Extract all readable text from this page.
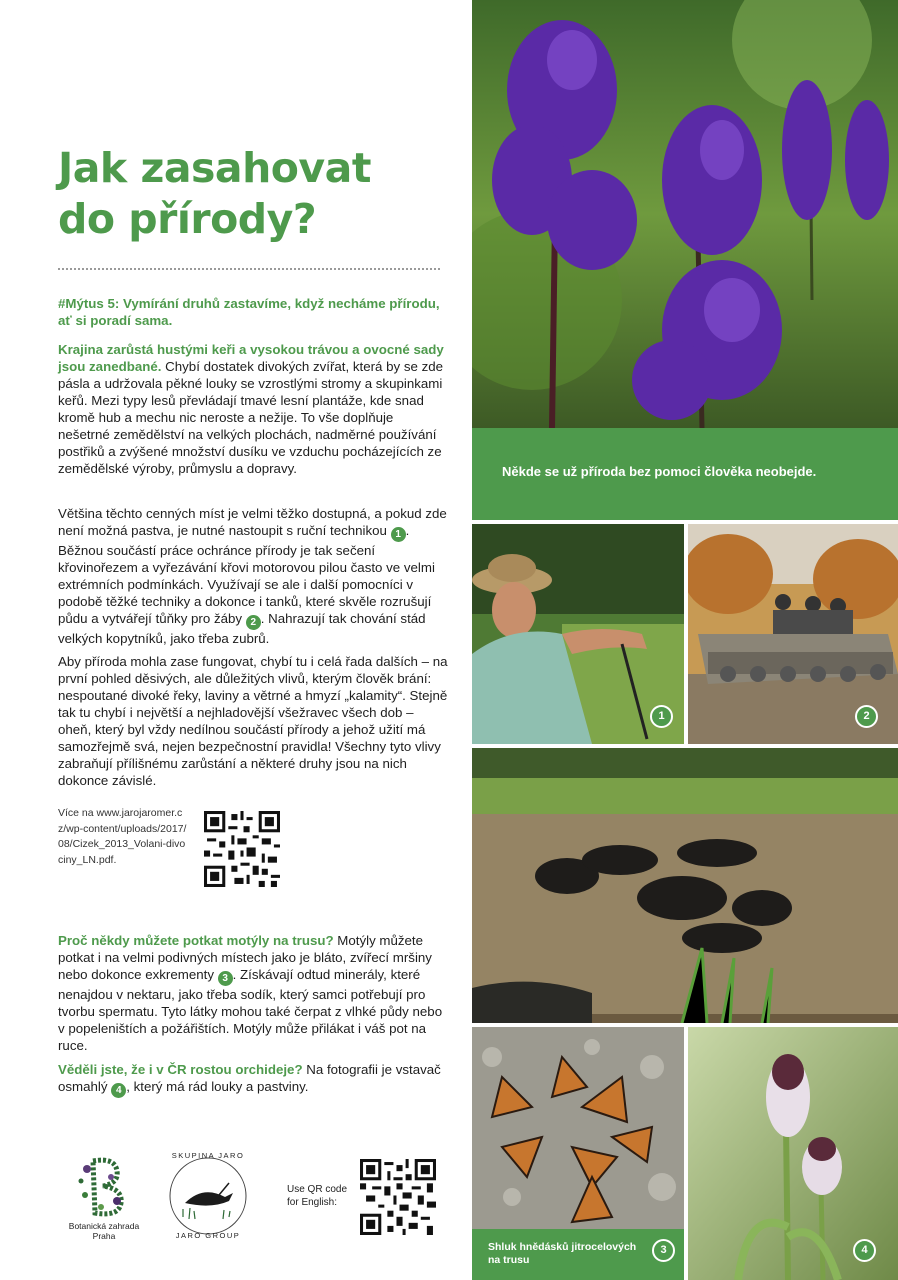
Jak zasahovat
do přírody?

#Mýtus 5: Vymírání druhů zastavíme, když necháme přírodu, ať si poradí sama.

Krajina zarůstá hustými keři a vysokou trávou a ovocné sady jsou zanedbané. Chybí dostatek divokých zvířat, která by se zde pásla a udržovala pěkné louky se vzrostlými stromy a skupinkami keřů. Mezi typy lesů převládají tmavé lesní plantáže, kde snad kromě hub a mechu nic neroste a nežije. To vše doplňuje nešetrné zemědělství na velkých plochách, nadměrné používání postřiků a zvýšené množství dusíku ve vzduchu pocházejících ze zemědělské výroby, průmyslu a dopravy.

Většina těchto cenných míst je velmi těžko dostupná, a pokud zde není možná pastva, je nutné nastoupit s ruční technikou 1 . Běžnou součástí práce ochránce přírody je tak sečení křovinořezem a vyřezávání křovi motorovou pilou často ve velmi extrémních podmínkách. Využívají se ale i další pomocníci v podobě těžké techniky a dokonce i tanků, které skvěle rozrušují půdu a vytvářejí tůňky pro žáby 2 . Nahrazují tak chování stád velkých kopytníků, jako třeba zubrů.

Aby příroda mohla zase fungovat, chybí tu i celá řada dalších – na první pohled děsivých, ale důležitých vlivů, kterým člověk brání: nespoutané divoké řeky, laviny a větrné a hmyzí „kalamity“. Stejně tak tu chybí i největší a nejhladovější všežravec všech dob – oheň, který byl vždy nedílnou součástí přírody a jehož užití má samozřejmě svá, nejen bezpečnostní pravidla! Všechny tyto vlivy zabraňují přílišnému zarůstání a některé druhy jsou na nich dokonce závislé.

Více na www.jarojaromer.cz/wp-content/uploads/2017/08/Cizek_2013_Volani-divociny_LN.pdf.

Proč někdy můžete potkat motýly na trusu? Motýly můžete potkat i na velmi podivných místech jako je bláto, zvířecí mršiny nebo dokonce exkrementy 3 . Získávají odtud minerály, které nenajdou v nektaru, jako třeba sodík, který samci potřebují pro tvorbu spermatu. Tyto látky mohou také čerpat z vlhké půdy nebo v popeleništích a požářištích. Motýly může přilákat i váš pot na ruce.

Věděli jste, že i v ČR rostou orchideje? Na fotografii je vstavač osmahlý 4 , který má rád louky a pastviny.

Botanická zahrada Praha
SKUPINA JARO
JARO GROUP
Use QR code for English:
Někde se už příroda bez pomoci člověka neobejde.
1	2
Shluk hnědásků jitrocelových na trusu
3	4
